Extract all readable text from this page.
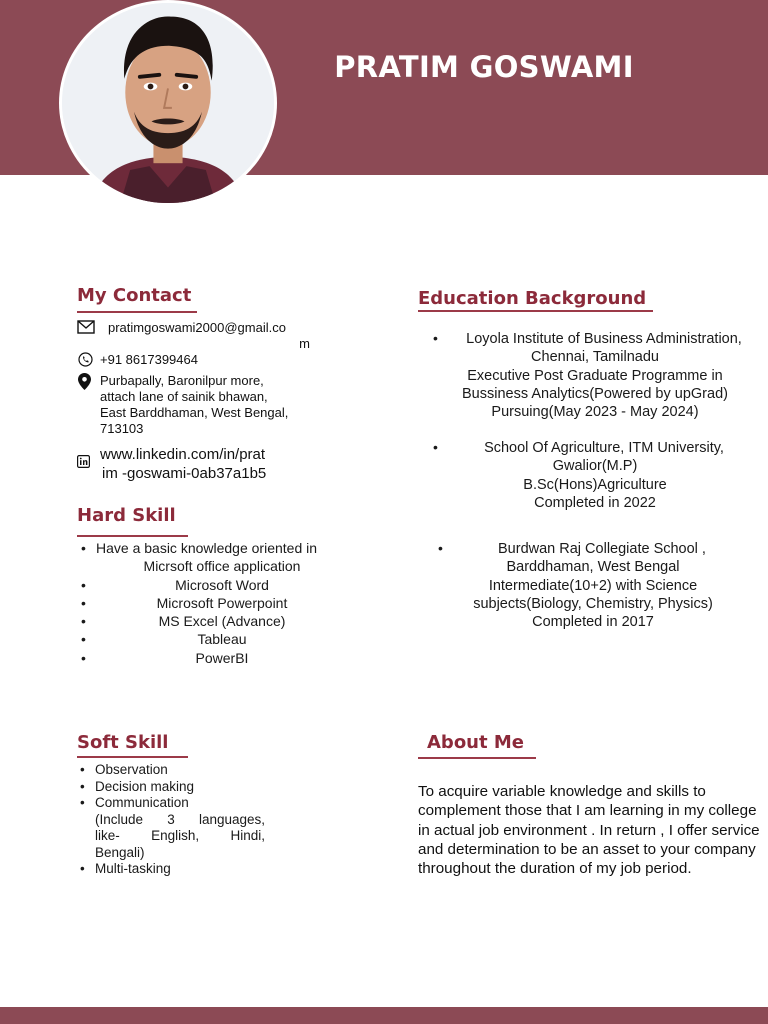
PRATIM GOSWAMI
My Contact
pratimgoswami2000@gmail.co
m
+91 8617399464
Purbapally, Baronilpur more, attach lane of sainik bhawan, East Barddhaman, West Bengal, 713103
www.linkedin.com/in/prat
im -goswami-0ab37a1b5
Hard Skill
• Have a basic knowledge oriented in
Micrsoft office application
• Microsoft Word
• Microsoft Powerpoint
• MS Excel (Advance)
• Tableau
• PowerBI
Education Background
•	Loyola Institute of Business Administration,
Chennai, Tamilnadu
Executive Post Graduate Programme in
Bussiness Analytics(Powered by upGrad)
Pursuing(May 2023 - May 2024)
•	School Of Agriculture, ITM University,
Gwalior(M.P)
B.Sc(Hons)Agriculture
Completed in 2022
•	Burdwan Raj Collegiate School ,
Barddhaman, West Bengal
Intermediate(10+2) with Science
subjects(Biology, Chemistry, Physics)
Completed in 2017
Soft Skill
• Observation
• Decision making
• Communication
(Include 3 languages,
like- English, Hindi,
Bengali)
• Multi-tasking
About Me
To acquire variable knowledge and skills to complement those that I am learning in my college in actual job environment . In return , I offer service and determination to be an asset to your company throughout the duration of my job period.
